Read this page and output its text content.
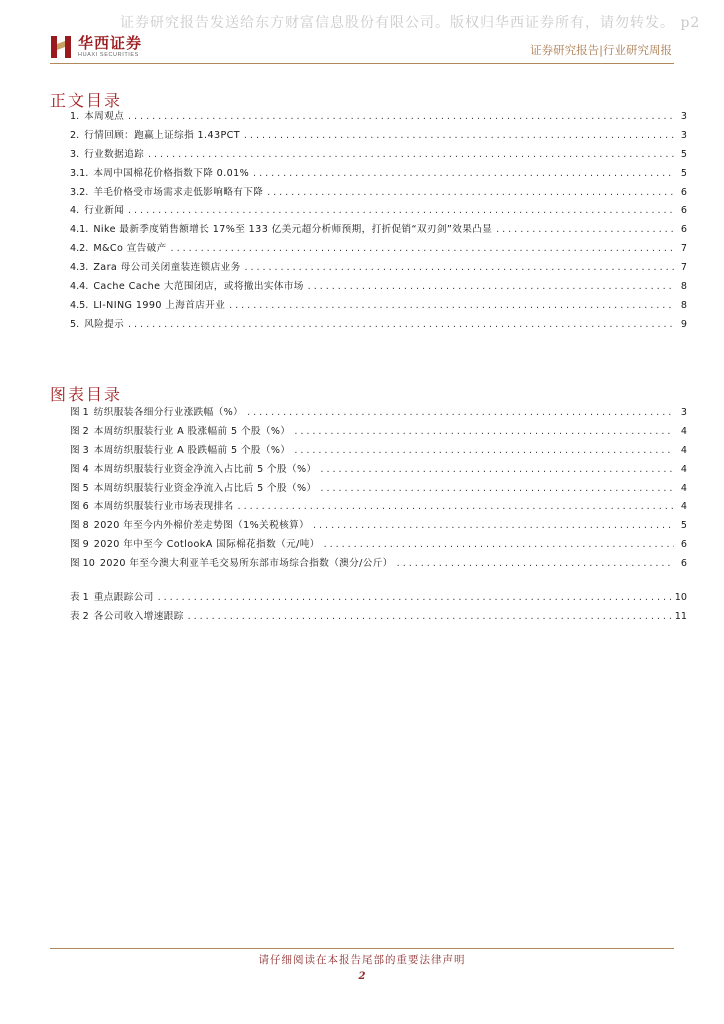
证券研究报告发送给东方财富信息股份有限公司。版权归华西证券所有，请勿转发。 p2
华西证券
HUAXI SECURITIES	证券研究报告|行业研究周报
正文目录
1. 本周观点 .....	3
2. 行情回顾：跑赢上证综指 1.43PCT .....	3
3. 行业数据追踪 .....	5
3.1. 本周中国棉花价格指数下降 0.01% .....	5
3.2. 羊毛价格受市场需求走低影响略有下降 .....	6
4. 行业新闻 .....	6
4.1. Nike 最新季度销售额增长 17%至 133 亿美元超分析师预期，打折促销“双刃剑”效果凸显 .....	6
4.2. M&Co 宣告破产 .....	7
4.3. Zara 母公司关闭童装连锁店业务 .....	7
4.4. Cache Cache 大范围闭店，或将撤出实体市场 .....	8
4.5. LI-NING 1990 上海首店开业 .....	8
5. 风险提示 .....	9
图表目录
图 1 纺织服装各细分行业涨跌幅（%） .....	3
图 2 本周纺织服装行业 A 股涨幅前 5 个股（%） .....	4
图 3 本周纺织服装行业 A 股跌幅前 5 个股（%） .....	4
图 4 本周纺织服装行业资金净流入占比前 5 个股（%） .....	4
图 5 本周纺织服装行业资金净流入占比后 5 个股（%） .....	4
图 6 本周纺织服装行业市场表现排名 .....	4
图 8 2020 年至今内外棉价差走势图（1%关税核算） .....	5
图 9 2020 年中至今 CotlookA 国际棉花指数（元/吨） .....	6
图 10 2020 年至今澳大利亚羊毛交易所东部市场综合指数（澳分/公斤） .....	6
表 1 重点跟踪公司 .....	10
表 2 各公司收入增速跟踪 .....	11
请仔细阅读在本报告尾部的重要法律声明
2
